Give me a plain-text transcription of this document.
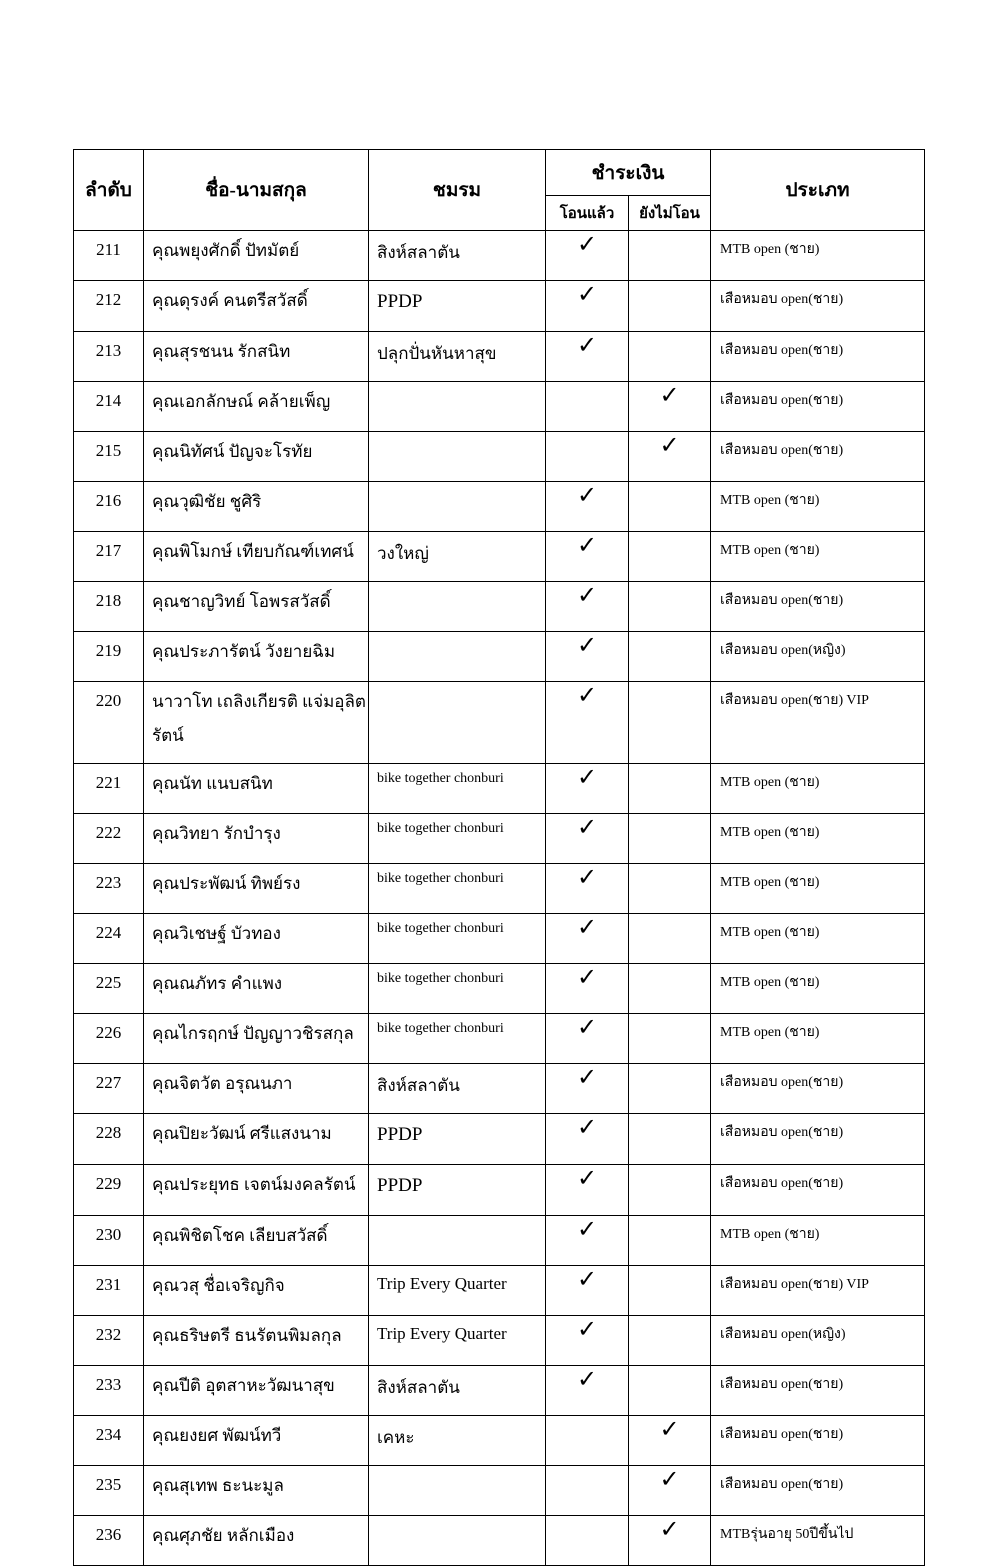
ลำดับ	ชื่อ-นามสกุล	ชมรม	ชำระเงิน		ประเภท
			โอนแล้ว	ยังไม่โอน	
211	คุณพยุงศักดิ์ ปัทมัตย์	สิงห์สลาตัน	✓		MTB open (ชาย)
212	คุณดุรงค์ คนตรีสวัสดิ์	PPDP	✓		เสือหมอบ open(ชาย)
213	คุณสุรชนน รักสนิท	ปลุกปั่นหันหาสุข	✓		เสือหมอบ open(ชาย)
214	คุณเอกลักษณ์ คล้ายเพ็ญ			✓	เสือหมอบ open(ชาย)
215	คุณนิทัศน์ ปัญจะโรทัย			✓	เสือหมอบ open(ชาย)
216	คุณวุฒิชัย ชูศิริ		✓		MTB open (ชาย)
217	คุณพิโมกษ์ เทียบกัณฑ์เทศน์	วงใหญ่	✓		MTB open (ชาย)
218	คุณชาญวิทย์ โอพรสวัสดิ์		✓		เสือหมอบ open(ชาย)
219	คุณประภารัตน์ วังยายฉิม		✓		เสือหมอบ open(หญิง)
220	นาวาโท เถลิงเกียรติ แจ่มอุลิตรัตน์		✓		เสือหมอบ open(ชาย) VIP
221	คุณนัท แนบสนิท	bike together chonburi	✓		MTB open (ชาย)
222	คุณวิทยา รักบำรุง	bike together chonburi	✓		MTB open (ชาย)
223	คุณประพัฒน์ ทิพย์รง	bike together chonburi	✓		MTB open (ชาย)
224	คุณวิเชษฐ์ บัวทอง	bike together chonburi	✓		MTB open (ชาย)
225	คุณณภัทร คำแพง	bike together chonburi	✓		MTB open (ชาย)
226	คุณไกรฤกษ์ ปัญญาวชิรสกุล	bike together chonburi	✓		MTB open (ชาย)
227	คุณจิตวัต อรุณนภา	สิงห์สลาตัน	✓		เสือหมอบ open(ชาย)
228	คุณปิยะวัฒน์ ศรีแสงนาม	PPDP	✓		เสือหมอบ open(ชาย)
229	คุณประยุทธ เจตน์มงคลรัตน์	PPDP	✓		เสือหมอบ open(ชาย)
230	คุณพิชิตโชค เลียบสวัสดิ์		✓		MTB open (ชาย)
231	คุณวสุ ชื่อเจริญกิจ	Trip Every Quarter	✓		เสือหมอบ open(ชาย) VIP
232	คุณธริษตรี ธนรัตนพิมลกุล	Trip Every Quarter	✓		เสือหมอบ open(หญิง)
233	คุณปีติ อุตสาหะวัฒนาสุข	สิงห์สลาตัน	✓		เสือหมอบ open(ชาย)
234	คุณยงยศ พัฒน์ทวี	เคหะ		✓	เสือหมอบ open(ชาย)
235	คุณสุเทพ ธะนะมูล			✓	เสือหมอบ open(ชาย)
236	คุณศุภชัย หลักเมือง			✓	MTBรุ่นอายุ 50ปีขึ้นไป
